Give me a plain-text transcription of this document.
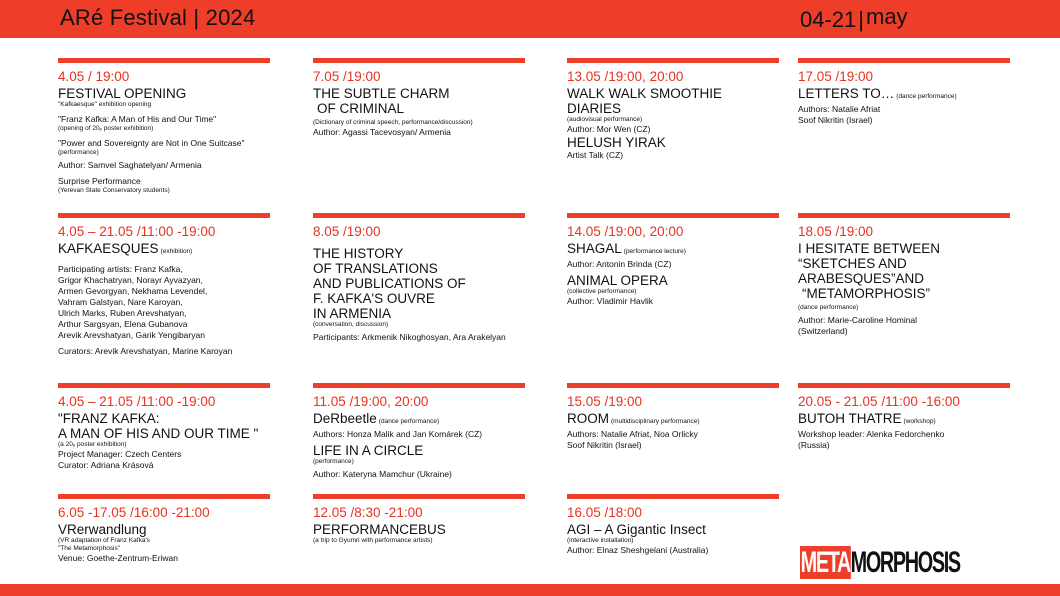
ARé Festival | 2024	04-21|may
4.05 / 19:00
FESTIVAL OPENING
"Kafkaesque" exhibition opening
"Franz Kafka: A Man of His and Our Time"
(opening of 20ₑ poster exhibition)
"Power and Sovereignty are Not in One Suitcase"
(performance)
Author: Samvel Saghatelyan/ Armenia
Surprise Performance
(Yerevan State Conservatory students)
7.05 /19:00
THE SUBTLE CHARM
OF CRIMINAL
(Dictionary of criminal speech, performance/discussion)
Author: Agassi Tacevosyan/ Armenia
13.05 /19:00, 20:00
WALK WALK SMOOTHIE
DIARIES
(audiovisual performance)
Author: Mor Wen (CZ)
HELUSH YIRAK
Artist Talk (CZ)
17.05 /19:00
LETTERS TO… (dance performance)
Authors: Natalie Afriat
Soof Nikritin (Israel)
4.05 – 21.05 /11:00 -19:00
KAFKAESQUES (exhibition)
Participating artists: Franz Kafka,
Grigor Khachatryan, Norayr Ayvazyan,
Armen Gevorgyan, Nekhama Levendel,
Vahram Galstyan, Nare Karoyan,
Ulrich Marks, Ruben Arevshatyan,
Arthur Sargsyan, Elena Gubanova
Arevik Arevshatyan, Garik Yengibaryan
Curators: Arevik Arevshatyan, Marine Karoyan
8.05 /19:00
THE HISTORY
OF TRANSLATIONS
AND PUBLICATIONS OF
F. KAFKA'S OUVRE
IN ARMENIA
(conversation, discussion)
Participants: Arkmenik Nikoghosyan, Ara Arakelyan
14.05 /19:00, 20:00
SHAGAL (performance lecture)
Author: Antonin Brinda (CZ)
ANIMAL OPERA
(collective performance)
Author: Vladimir Havlik
18.05 /19:00
I HESITATE BETWEEN
“SKETCHES AND
ARABESQUES”AND
“METAMORPHOSIS”
(dance performance)
Author: Marie-Caroline Hominal
(Switzerland)
4.05 – 21.05 /11:00 -19:00
"FRANZ KAFKA:
A MAN OF HIS AND OUR TIME "
(a 20ₑ poster exhibition)
Project Manager: Czech Centers
Curator: Adriana Krásová
11.05 /19:00, 20:00
DeRbeetle (dance performance)
Authors: Honza Malik and Jan Komárek (CZ)
LIFE IN A CIRCLE
(performance)
Author: Kateryna Mamchur (Ukraine)
15.05 /19:00
ROOM (multidisciplinary performance)
Authors: Natalie Afriat, Noa Orlicky
Soof Nikritin (Israel)
20.05 - 21.05 /11:00 -16:00
BUTOH THATRE (workshop)
Workshop leader: Alenka Fedorchenko
(Russia)
6.05 -17.05 /16:00 -21:00
VRerwandlung
(VR adaptation of Franz Kafka's
"The Metamorphosis"
Venue: Goethe-Zentrum-Eriwan
12.05 /8:30 -21:00
PERFORMANCEBUS
(a trip to Gyumri with performance artists)
16.05 /18:00
AGI – A Gigantic Insect
(interactive installation)
Author: Elnaz Sheshgelani (Australia)	METAMORPHOSIS
